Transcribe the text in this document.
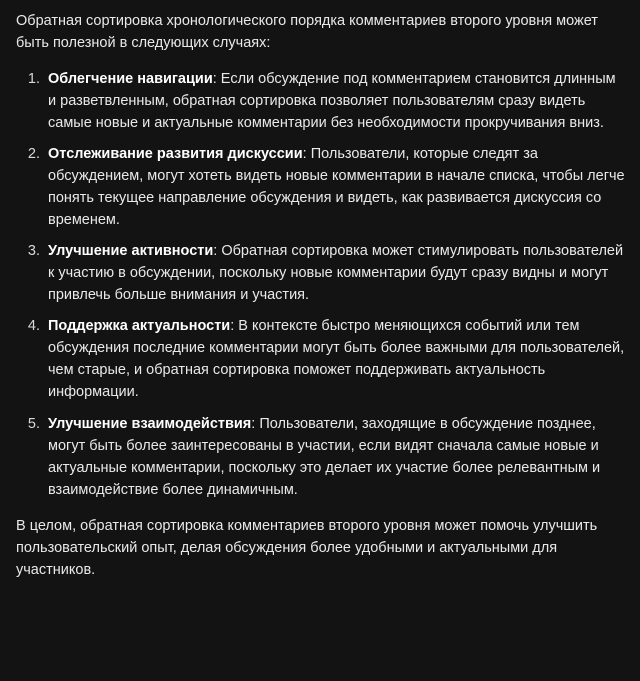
Обратная сортировка хронологического порядка комментариев второго уровня может быть полезной в следующих случаях:

1. Облегчение навигации: Если обсуждение под комментарием становится длинным и разветвленным, обратная сортировка позволяет пользователям сразу видеть самые новые и актуальные комментарии без необходимости прокручивания вниз.
2. Отслеживание развития дискуссии: Пользователи, которые следят за обсуждением, могут хотеть видеть новые комментарии в начале списка, чтобы легче понять текущее направление обсуждения и видеть, как развивается дискуссия со временем.
3. Улучшение активности: Обратная сортировка может стимулировать пользователей к участию в обсуждении, поскольку новые комментарии будут сразу видны и могут привлечь больше внимания и участия.
4. Поддержка актуальности: В контексте быстро меняющихся событий или тем обсуждения последние комментарии могут быть более важными для пользователей, чем старые, и обратная сортировка поможет поддерживать актуальность информации.
5. Улучшение взаимодействия: Пользователи, заходящие в обсуждение позднее, могут быть более заинтересованы в участии, если видят сначала самые новые и актуальные комментарии, поскольку это делает их участие более релевантным и взаимодействие более динамичным.

В целом, обратная сортировка комментариев второго уровня может помочь улучшить пользовательский опыт, делая обсуждения более удобными и актуальными для участников.
